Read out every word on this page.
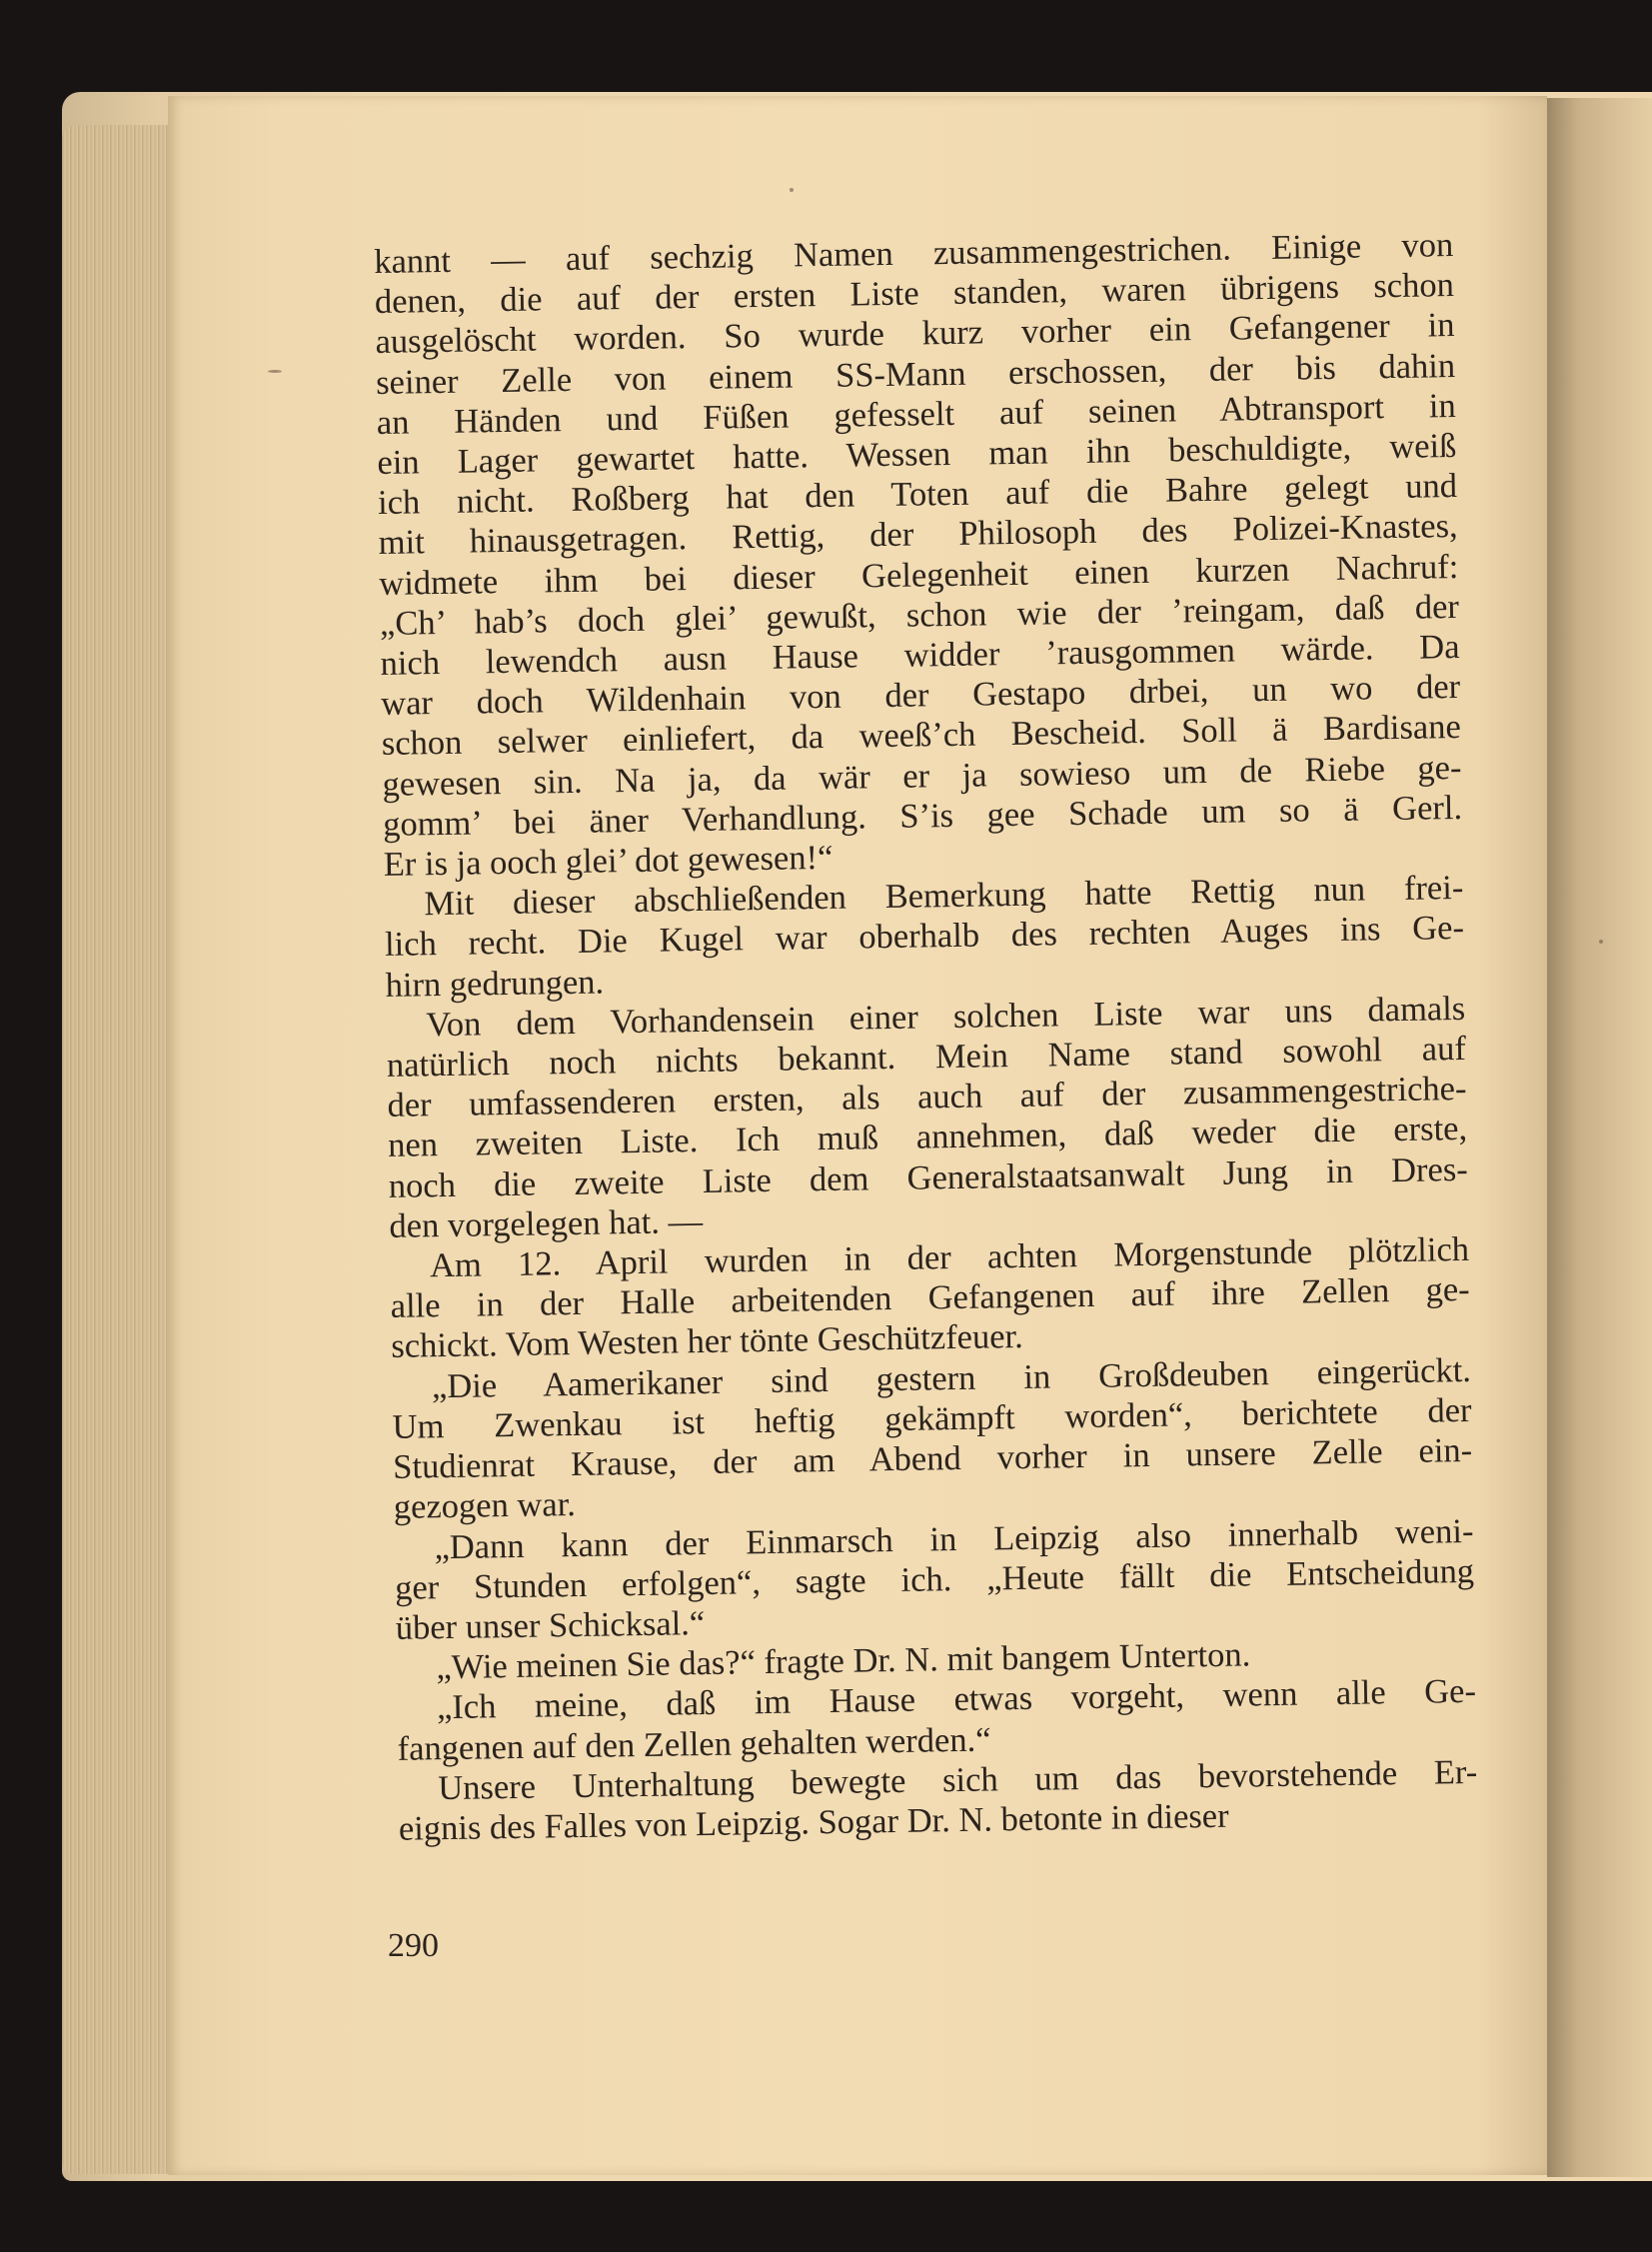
kannt — auf sechzig Namen zusammengestrichen. Einige von
denen, die auf der ersten Liste standen, waren übrigens schon
ausgelöscht worden. So wurde kurz vorher ein Gefangener in
seiner Zelle von einem SS-Mann erschossen, der bis dahin
an Händen und Füßen gefesselt auf seinen Abtransport in
ein Lager gewartet hatte. Wessen man ihn beschuldigte, weiß
ich nicht. Roßberg hat den Toten auf die Bahre gelegt und
mit hinausgetragen. Rettig, der Philosoph des Polizei-Knastes,
widmete ihm bei dieser Gelegenheit einen kurzen Nachruf:
„Ch’ hab’s doch glei’ gewußt, schon wie der ’reingam, daß der
nich lewendch ausn Hause widder ’rausgommen wärde. Da
war doch Wildenhain von der Gestapo drbei, un wo der
schon selwer einliefert, da weeß’ch Bescheid. Soll ä Bardisane
gewesen sin. Na ja, da wär er ja sowieso um de Riebe ge-
gomm’ bei äner Verhandlung. S’is gee Schade um so ä Gerl.
Er is ja ooch glei’ dot gewesen!“
Mit dieser abschließenden Bemerkung hatte Rettig nun frei-
lich recht. Die Kugel war oberhalb des rechten Auges ins Ge-
hirn gedrungen.
Von dem Vorhandensein einer solchen Liste war uns damals
natürlich noch nichts bekannt. Mein Name stand sowohl auf
der umfassenderen ersten, als auch auf der zusammengestriche-
nen zweiten Liste. Ich muß annehmen, daß weder die erste,
noch die zweite Liste dem Generalstaatsanwalt Jung in Dres-
den vorgelegen hat. —
Am 12. April wurden in der achten Morgenstunde plötzlich
alle in der Halle arbeitenden Gefangenen auf ihre Zellen ge-
schickt. Vom Westen her tönte Geschützfeuer.
„Die Aamerikaner sind gestern in Großdeuben eingerückt.
Um Zwenkau ist heftig gekämpft worden“, berichtete der
Studienrat Krause, der am Abend vorher in unsere Zelle ein-
gezogen war.
„Dann kann der Einmarsch in Leipzig also innerhalb weni-
ger Stunden erfolgen“, sagte ich. „Heute fällt die Entscheidung
über unser Schicksal.“
„Wie meinen Sie das?“ fragte Dr. N. mit bangem Unterton.
„Ich meine, daß im Hause etwas vorgeht, wenn alle Ge-
fangenen auf den Zellen gehalten werden.“
Unsere Unterhaltung bewegte sich um das bevorstehende Er-
eignis des Falles von Leipzig. Sogar Dr. N. betonte in dieser
290
